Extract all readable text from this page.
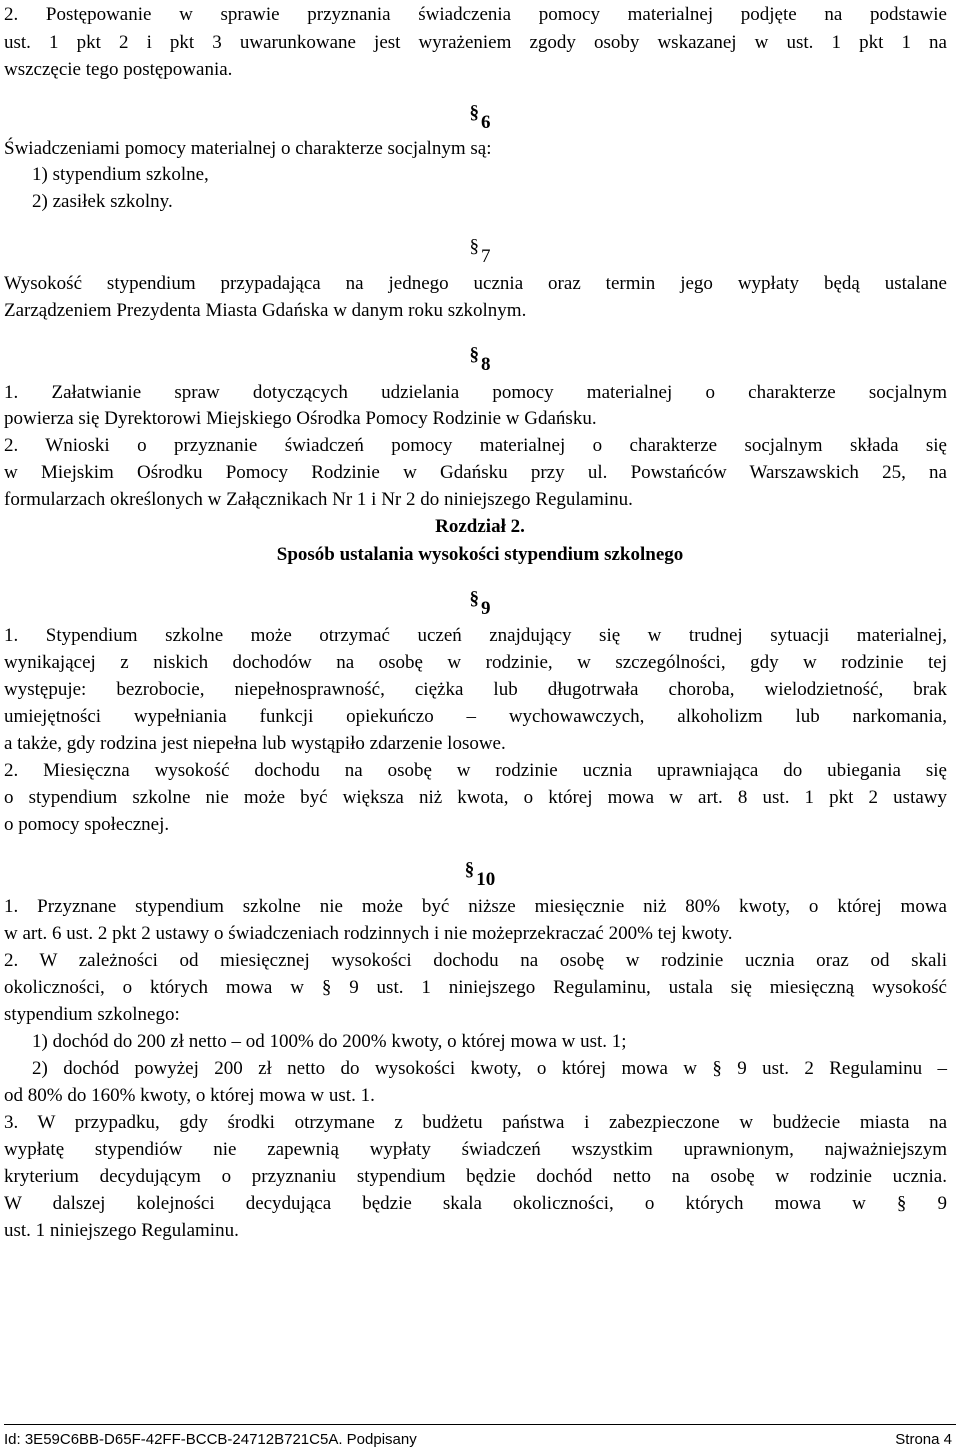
2. Postępowanie w sprawie przyznania świadczenia pomocy materialnej podjęte na podstawie

ust. 1 pkt 2 i pkt 3 uwarunkowane jest wyrażeniem zgody osoby wskazanej w ust. 1 pkt 1 na

wszczęcie tego postępowania.

§ 6

Świadczeniami pomocy materialnej o charakterze socjalnym są:

1) stypendium szkolne,

2) zasiłek szkolny.

§ 7

Wysokość stypendium przypadająca na jednego ucznia oraz termin jego wypłaty będą ustalane

Zarządzeniem Prezydenta Miasta Gdańska w danym roku szkolnym.

§ 8

1. Załatwianie spraw dotyczących udzielania pomocy materialnej o charakterze socjalnym

powierza się Dyrektorowi Miejskiego Ośrodka Pomocy Rodzinie w Gdańsku.

2. Wnioski o przyznanie świadczeń pomocy materialnej o charakterze socjalnym składa się

w Miejskim Ośrodku Pomocy Rodzinie w Gdańsku przy ul. Powstańców Warszawskich 25, na

formularzach określonych w Załącznikach Nr 1 i Nr 2 do niniejszego Regulaminu.

Rozdział 2.

Sposób ustalania wysokości stypendium szkolnego

§ 9

1. Stypendium szkolne może otrzymać uczeń znajdujący się w trudnej sytuacji materialnej,

wynikającej z niskich dochodów na osobę w rodzinie, w szczególności, gdy w rodzinie tej

występuje: bezrobocie, niepełnosprawność, ciężka lub długotrwała choroba, wielodzietność, brak

umiejętności wypełniania funkcji opiekuńczo – wychowawczych, alkoholizm lub narkomania,

a także, gdy rodzina jest niepełna lub wystąpiło zdarzenie losowe.

2. Miesięczna wysokość dochodu na osobę w rodzinie ucznia uprawniająca do ubiegania się

o stypendium szkolne nie może być większa niż kwota, o której mowa w art. 8 ust. 1 pkt 2 ustawy

o pomocy społecznej.

§ 10

1. Przyznane stypendium szkolne nie może być niższe miesięcznie niż 80% kwoty, o której mowa

w art. 6 ust. 2 pkt 2 ustawy o świadczeniach rodzinnych i nie możeprzekraczać 200% tej kwoty.

2. W zależności od miesięcznej wysokości dochodu na osobę w rodzinie ucznia oraz od skali

okoliczności, o których mowa w § 9 ust. 1 niniejszego Regulaminu, ustala się miesięczną wysokość

stypendium szkolnego:

1) dochód do 200 zł netto – od 100% do 200% kwoty, o której mowa w ust. 1;

2) dochód powyżej 200 zł netto do wysokości kwoty, o której mowa w § 9 ust. 2 Regulaminu –

od 80% do 160% kwoty, o której mowa w ust. 1.

3. W przypadku, gdy środki otrzymane z budżetu państwa i zabezpieczone w budżecie miasta na

wypłatę stypendiów nie zapewnią wypłaty świadczeń wszystkim uprawnionym, najważniejszym

kryterium decydującym o przyznaniu stypendium będzie dochód netto na osobę w rodzinie ucznia.

W dalszej kolejności decydująca będzie skala okoliczności, o których mowa w § 9

ust. 1 niniejszego Regulaminu.

Id: 3E59C6BB-D65F-42FF-BCCB-24712B721C5A. Podpisany	Strona 4
